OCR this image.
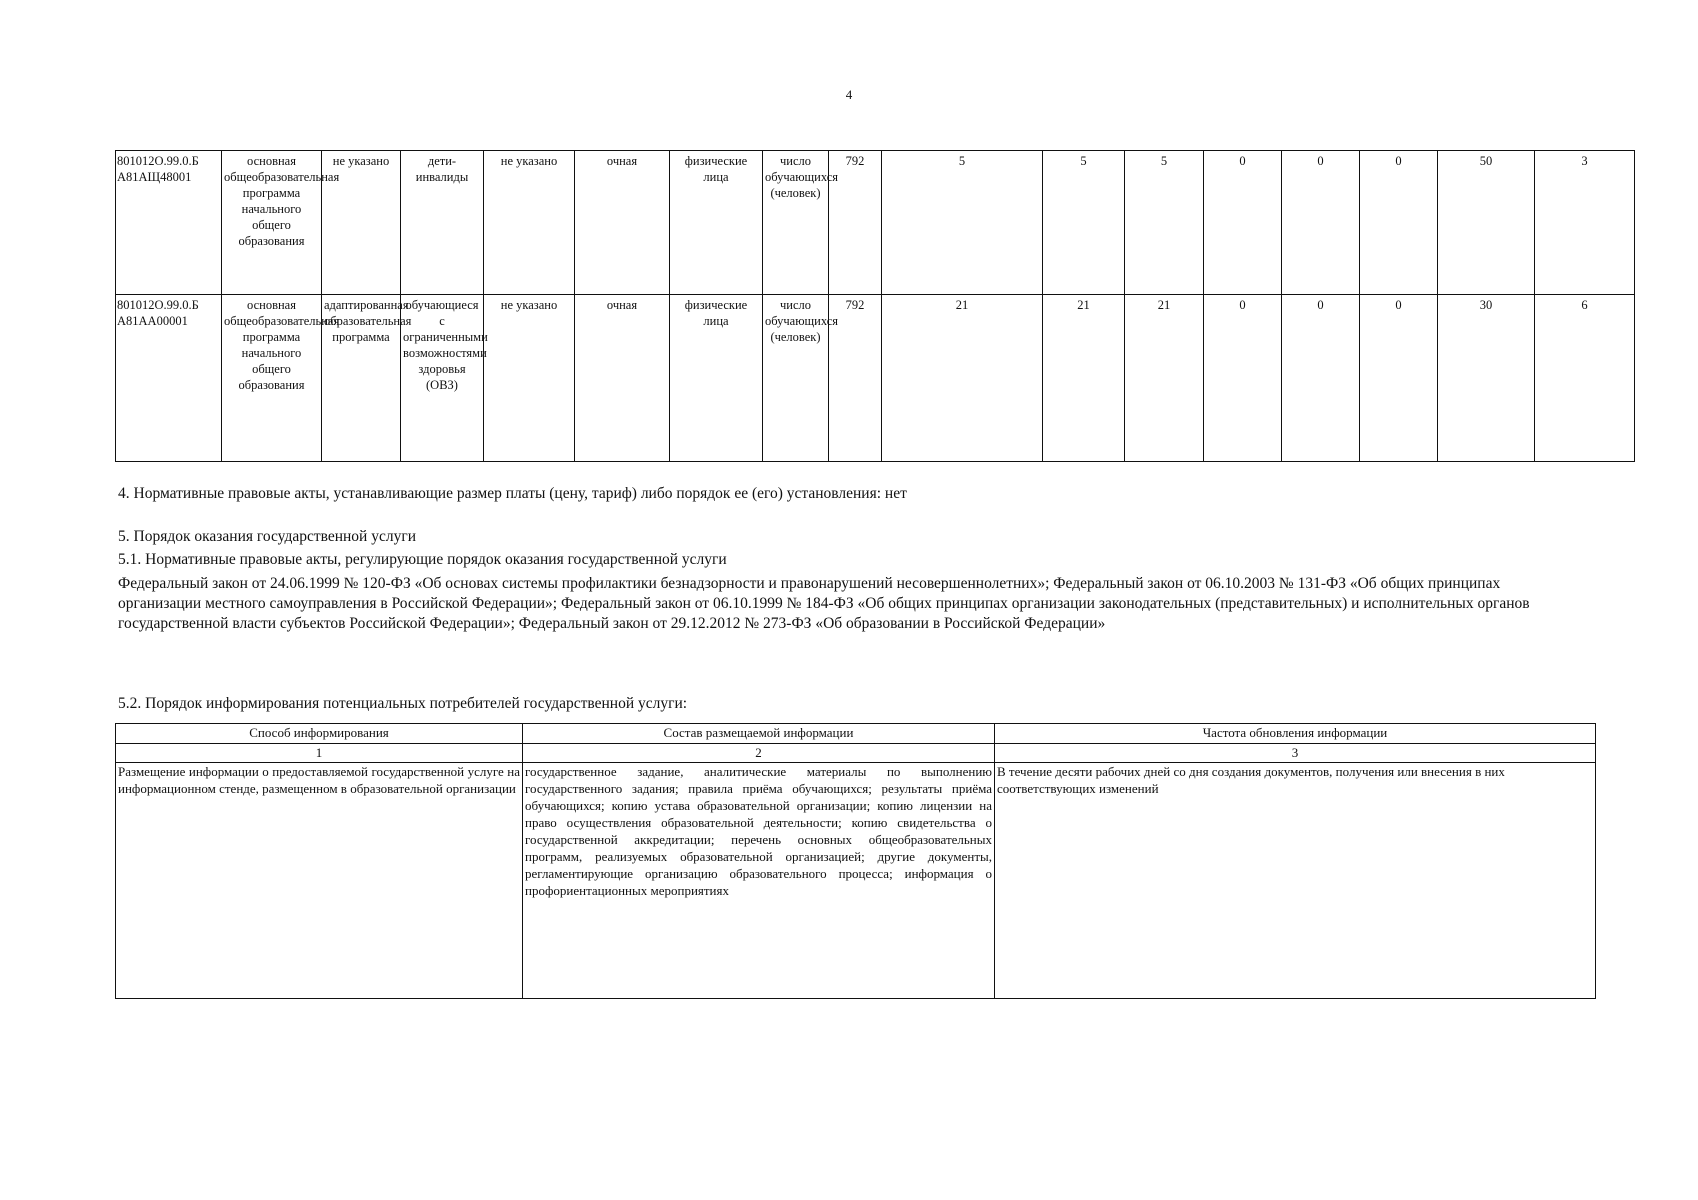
4
801012О.99.0.Б А81АЩ48001	основная общеобразовательная программа начального общего образования	не указано	дети-инвалиды	не указано	очная	физические лица	число обучающихся (человек)	792	5	5	5	0	0	0	50	3
801012О.99.0.Б А81АА00001	основная общеобразовательная программа начального общего образования	адаптированная образовательная программа	обучающиеся с ограниченными возможностями здоровья (ОВЗ)	не указано	очная	физические лица	число обучающихся (человек)	792	21	21	21	0	0	0	30	6
4. Нормативные правовые акты, устанавливающие размер платы (цену, тариф) либо порядок ее (его) установления: нет
5. Порядок оказания государственной услуги
5.1. Нормативные правовые акты, регулирующие порядок оказания государственной услуги
Федеральный закон от 24.06.1999 № 120-ФЗ «Об основах системы профилактики безнадзорности и правонарушений несовершеннолетних»; Федеральный закон от 06.10.2003 № 131-ФЗ «Об общих принципах организации местного самоуправления в Российской Федерации»; Федеральный закон от 06.10.1999 № 184-ФЗ «Об общих принципах организации законодательных (представительных) и исполнительных органов государственной власти субъектов Российской Федерации»; Федеральный закон от 29.12.2012 № 273-ФЗ «Об образовании в Российской Федерации»
5.2. Порядок информирования потенциальных потребителей государственной услуги:
Способ информирования	Состав размещаемой информации	Частота обновления информации
1	2	3
Размещение информации о предоставляемой государственной услуге на информационном стенде, размещенном в образовательной организации	государственное задание, аналитические материалы по выполнению государственного задания; правила приёма обучающихся; результаты приёма обучающихся; копию устава образовательной организации; копию лицензии на право осуществления образовательной деятельности; копию свидетельства о государственной аккредитации; перечень основных общеобразовательных программ, реализуемых образовательной организацией; другие документы, регламентирующие организацию образовательного процесса; информация о профориентационных мероприятиях	В течение десяти рабочих дней со дня создания документов, получения или внесения в них соответствующих изменений
